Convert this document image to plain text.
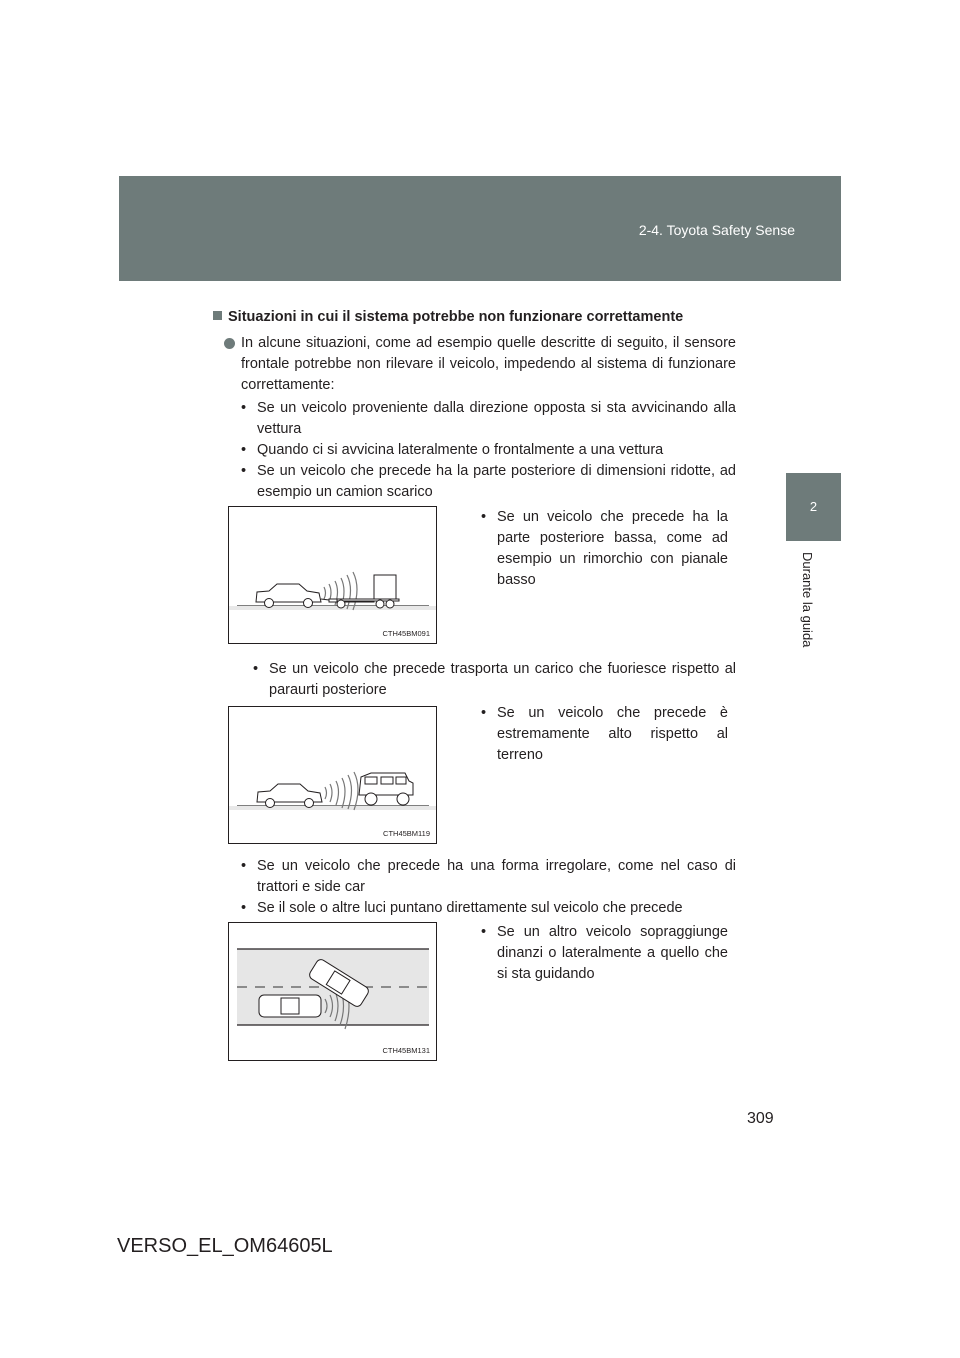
2-4. Toyota Safety Sense
2
Durante la guida
Situazioni in cui il sistema potrebbe non funzionare correttamente
In alcune situazioni, come ad esempio quelle descritte di seguito, il sensore frontale potrebbe non rilevare il veicolo, impedendo al sistema di funzionare correttamente:
• Se un veicolo proveniente dalla direzione opposta si sta avvicinando alla vettura
• Quando ci si avvicina lateralmente o frontalmente a una vettura
• Se un veicolo che precede ha la parte posteriore di dimensioni ridotte, ad esempio un camion scarico
CTH45BM091
• Se un veicolo che precede ha la parte posteriore bassa, come ad esempio un rimorchio con pianale basso
• Se un veicolo che precede trasporta un carico che fuoriesce rispetto al paraurti posteriore
CTH45BM119
• Se un veicolo che precede è estremamente alto rispetto al terreno
• Se un veicolo che precede ha una forma irregolare, come nel caso di trattori e side car
• Se il sole o altre luci puntano direttamente sul veicolo che precede
CTH45BM131
• Se un altro veicolo sopraggiunge dinanzi o lateralmente a quello che si sta guidando
309
VERSO_EL_OM64605L
